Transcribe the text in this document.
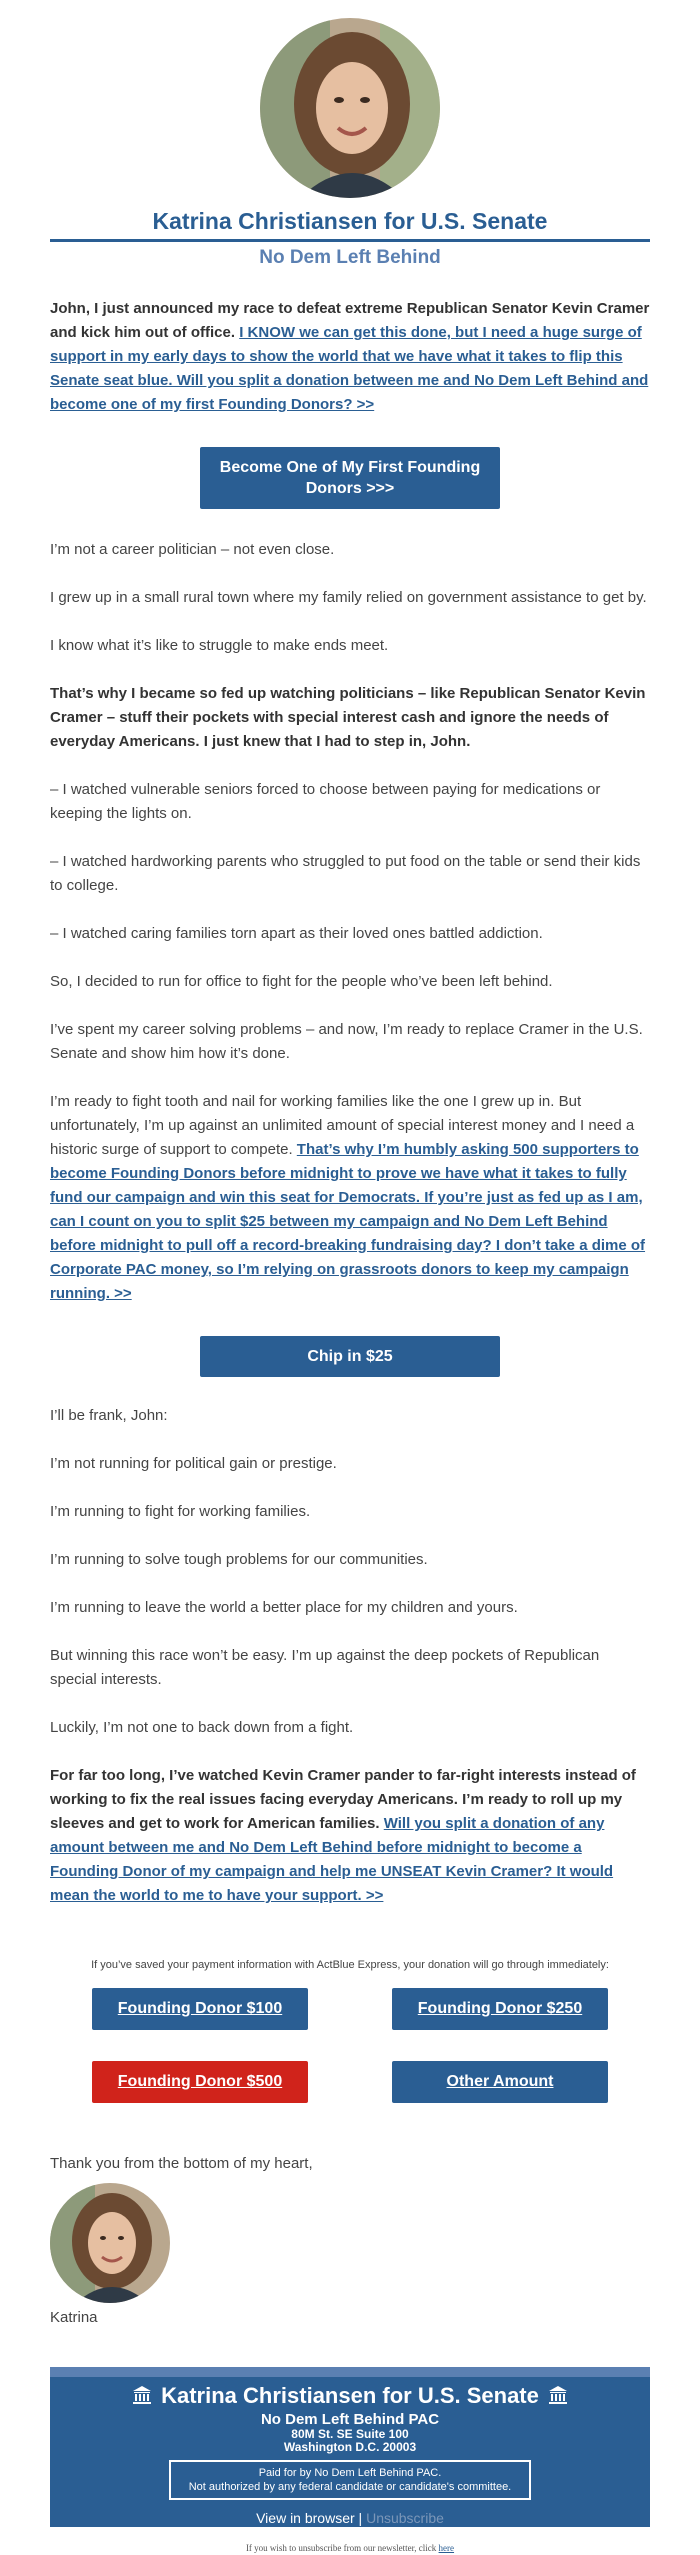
Katrina Christiansen for U.S. Senate
No Dem Left Behind

John, I just announced my race to defeat extreme Republican Senator Kevin Cramer and kick him out of office. I KNOW we can get this done, but I need a huge surge of support in my early days to show the world that we have what it takes to flip this Senate seat blue. Will you split a donation between me and No Dem Left Behind and become one of my first Founding Donors? >>

Become One of My First Founding Donors >>>

I’m not a career politician – not even close.

I grew up in a small rural town where my family relied on government assistance to get by.

I know what it’s like to struggle to make ends meet.

That’s why I became so fed up watching politicians – like Republican Senator Kevin Cramer – stuff their pockets with special interest cash and ignore the needs of everyday Americans. I just knew that I had to step in, John.

– I watched vulnerable seniors forced to choose between paying for medications or keeping the lights on.

– I watched hardworking parents who struggled to put food on the table or send their kids to college.

– I watched caring families torn apart as their loved ones battled addiction.

So, I decided to run for office to fight for the people who’ve been left behind.

I’ve spent my career solving problems – and now, I’m ready to replace Cramer in the U.S. Senate and show him how it’s done.

I’m ready to fight tooth and nail for working families like the one I grew up in. But unfortunately, I’m up against an unlimited amount of special interest money and I need a historic surge of support to compete. That’s why I’m humbly asking 500 supporters to become Founding Donors before midnight to prove we have what it takes to fully fund our campaign and win this seat for Democrats. If you’re just as fed up as I am, can I count on you to split $25 between my campaign and No Dem Left Behind before midnight to pull off a record-breaking fundraising day? I don’t take a dime of Corporate PAC money, so I’m relying on grassroots donors to keep my campaign running. >>

Chip in $25

I’ll be frank, John:

I’m not running for political gain or prestige.

I’m running to fight for working families.

I’m running to solve tough problems for our communities.

I’m running to leave the world a better place for my children and yours.

But winning this race won’t be easy. I’m up against the deep pockets of Republican special interests.

Luckily, I’m not one to back down from a fight.

For far too long, I’ve watched Kevin Cramer pander to far-right interests instead of working to fix the real issues facing everyday Americans. I’m ready to roll up my sleeves and get to work for American families. Will you split a donation of any amount between me and No Dem Left Behind before midnight to become a Founding Donor of my campaign and help me UNSEAT Kevin Cramer? It would mean the world to me to have your support. >>

If you’ve saved your payment information with ActBlue Express, your donation will go through immediately:
Founding Donor $100	Founding Donor $250
Founding Donor $500	Other Amount

Thank you from the bottom of my heart,

Katrina

Katrina Christiansen for U.S. Senate
No Dem Left Behind PAC
80M St. SE Suite 100
Washington D.C. 20003
Paid for by No Dem Left Behind PAC.
Not authorized by any federal candidate or candidate's committee.
View in browser | Unsubscribe
If you wish to unsubscribe from our newsletter, click here
